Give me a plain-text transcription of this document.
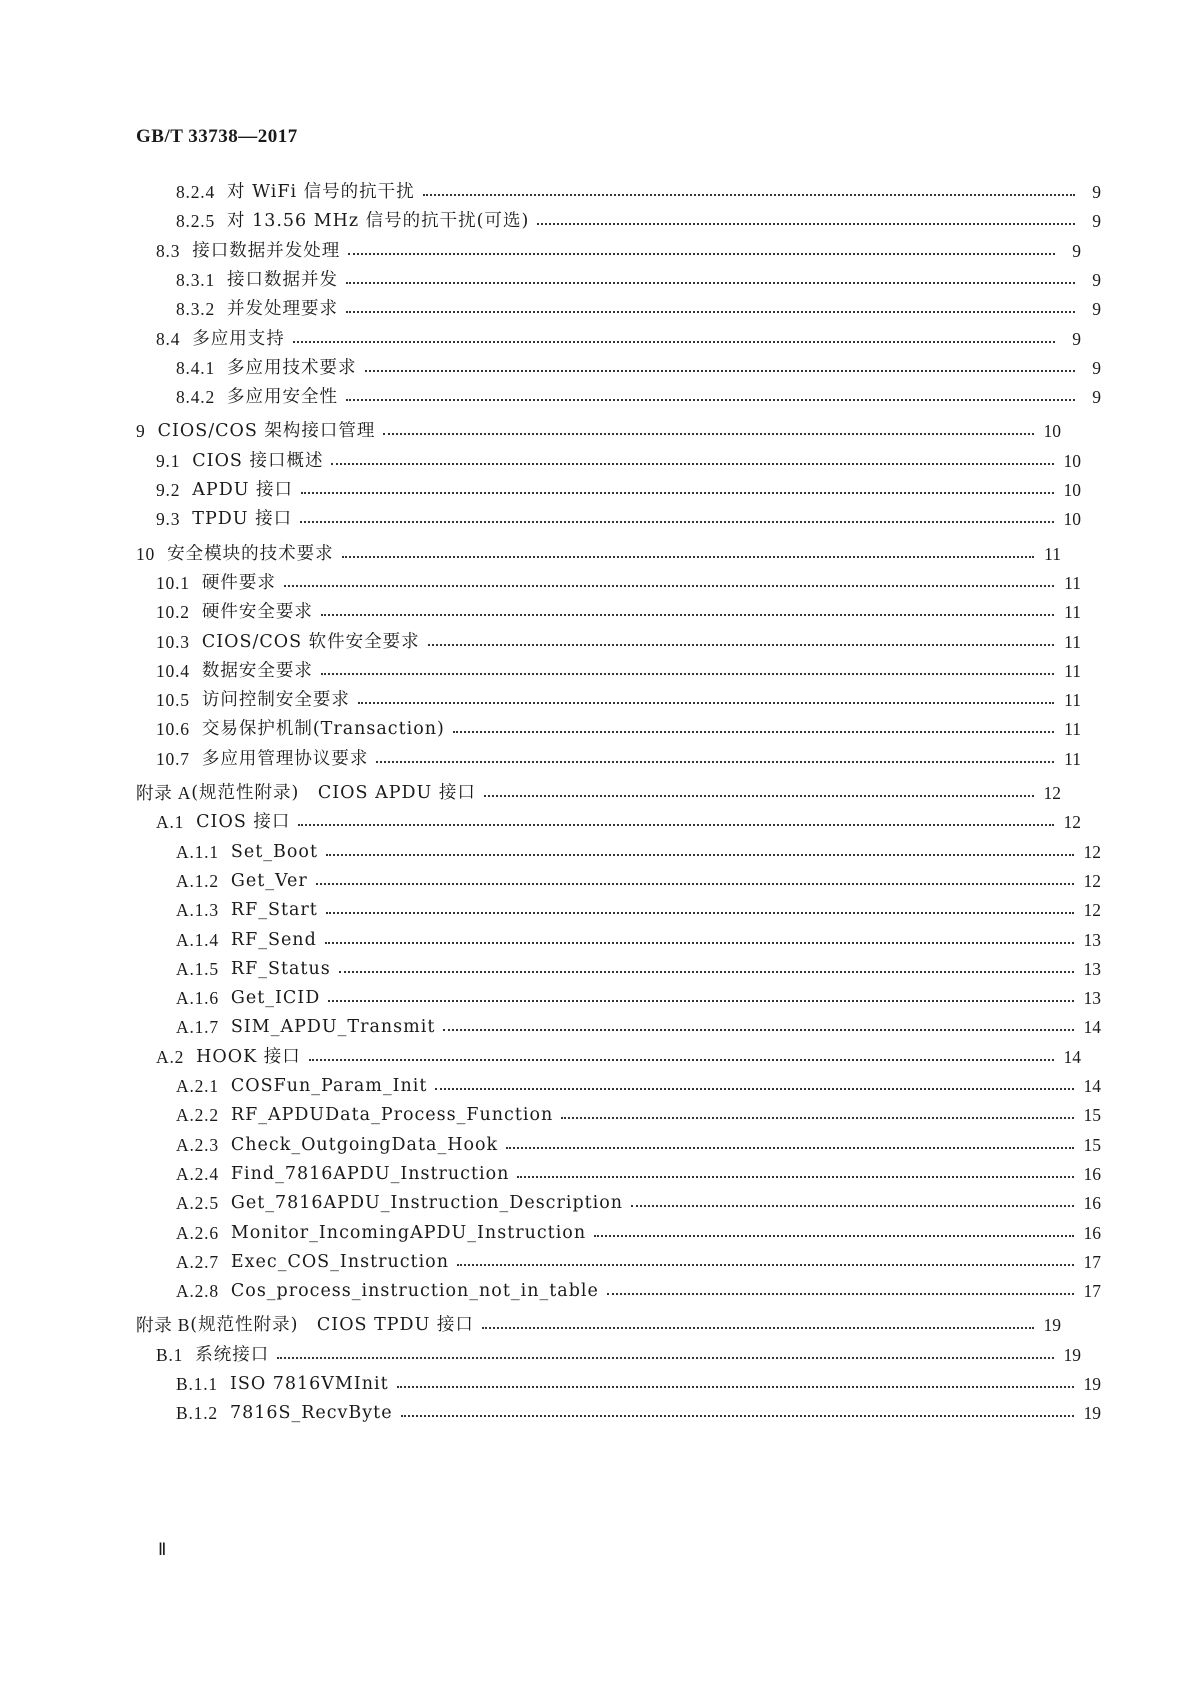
GB/T 33738—2017
8.2.4 对 WiFi 信号的抗干扰	9
8.2.5 对 13.56 MHz 信号的抗干扰(可选)	9
8.3 接口数据并发处理	9
8.3.1 接口数据并发	9
8.3.2 并发处理要求	9
8.4 多应用支持	9
8.4.1 多应用技术要求	9
8.4.2 多应用安全性	9
9 CIOS/COS 架构接口管理	10
9.1 CIOS 接口概述	10
9.2 APDU 接口	10
9.3 TPDU 接口	10
10 安全模块的技术要求	11
10.1 硬件要求	11
10.2 硬件安全要求	11
10.3 CIOS/COS 软件安全要求	11
10.4 数据安全要求	11
10.5 访问控制安全要求	11
10.6 交易保护机制(Transaction)	11
10.7 多应用管理协议要求	11
附录 A (规范性附录)　CIOS APDU 接口	12
A.1 CIOS 接口	12
A.1.1 Set_Boot	12
A.1.2 Get_Ver	12
A.1.3 RF_Start	12
A.1.4 RF_Send	13
A.1.5 RF_Status	13
A.1.6 Get_ICID	13
A.1.7 SIM_APDU_Transmit	14
A.2 HOOK 接口	14
A.2.1 COSFun_Param_Init	14
A.2.2 RF_APDUData_Process_Function	15
A.2.3 Check_OutgoingData_Hook	15
A.2.4 Find_7816APDU_Instruction	16
A.2.5 Get_7816APDU_Instruction_Description	16
A.2.6 Monitor_IncomingAPDU_Instruction	16
A.2.7 Exec_COS_Instruction	17
A.2.8 Cos_process_instruction_not_in_table	17
附录 B (规范性附录)　CIOS TPDU 接口	19
B.1 系统接口	19
B.1.1 ISO 7816VMInit	19
B.1.2 7816S_RecvByte	19
Ⅱ
